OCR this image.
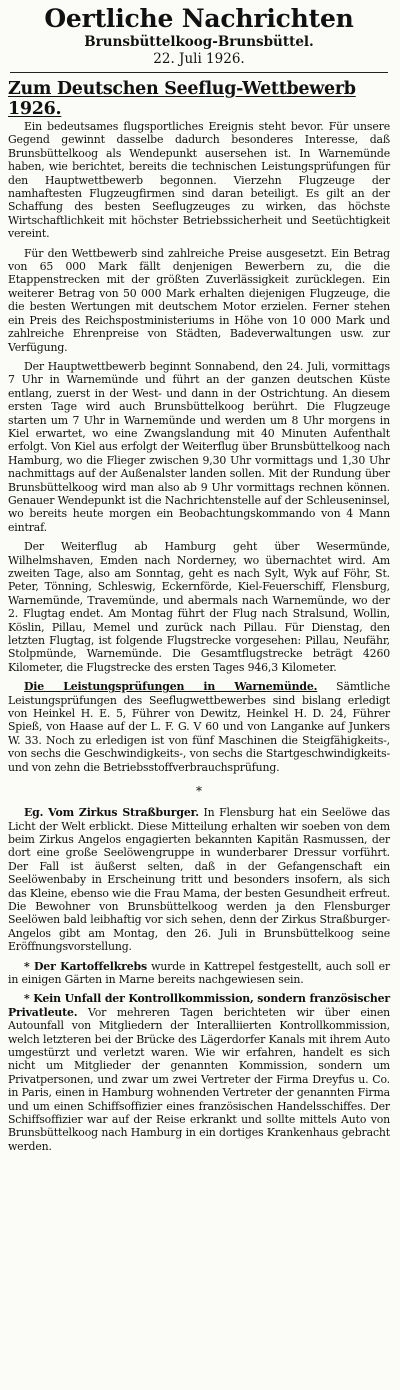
Oertliche Nachrichten
Brunsbüttelkoog-Brunsbüttel.
22. Juli 1926.
Zum Deutschen Seeflug-Wettbewerb 1926.

Ein bedeutsames flugsportliches Ereignis steht bevor. Für unsere Gegend gewinnt dasselbe dadurch besonderes Interesse, daß Brunsbüttelkoog als Wendepunkt ausersehen ist. In Warnemünde haben, wie berichtet, bereits die technischen Leistungsprüfungen für den Hauptwettbewerb begonnen. Vierzehn Flugzeuge der namhaftesten Flugzeugfirmen sind daran beteiligt. Es gilt an der Schaffung des besten Seeflugzeuges zu wirken, das höchste Wirtschaftlichkeit mit höchster Betriebssicherheit und Seetüchtigkeit vereint.

Für den Wettbewerb sind zahlreiche Preise ausgesetzt. Ein Betrag von 65 000 Mark fällt denjenigen Bewerbern zu, die die Etappenstrecken mit der größten Zuverlässigkeit zurücklegen. Ein weiterer Betrag von 50 000 Mark erhalten diejenigen Flugzeuge, die die besten Wertungen mit deutschem Motor erzielen. Ferner stehen ein Preis des Reichspostministeriums in Höhe von 10 000 Mark und zahlreiche Ehrenpreise von Städten, Badeverwaltungen usw. zur Verfügung.

Der Hauptwettbewerb beginnt Sonnabend, den 24. Juli, vormittags 7 Uhr in Warnemünde und führt an der ganzen deutschen Küste entlang, zuerst in der West- und dann in der Ostrichtung. An diesem ersten Tage wird auch Brunsbüttelkoog berührt. Die Flugzeuge starten um 7 Uhr in Warnemünde und werden um 8 Uhr morgens in Kiel erwartet, wo eine Zwangslandung mit 40 Minuten Aufenthalt erfolgt. Von Kiel aus erfolgt der Weiterflug über Brunsbüttelkoog nach Hamburg, wo die Flieger zwischen 9,30 Uhr vormittags und 1,30 Uhr nachmittags auf der Außenalster landen sollen. Mit der Rundung über Brunsbüttelkoog wird man also ab 9 Uhr vormittags rechnen können. Genauer Wendepunkt ist die Nachrichtenstelle auf der Schleuseninsel, wo bereits heute morgen ein Beobachtungskommando von 4 Mann eintraf.

Der Weiterflug ab Hamburg geht über Wesermünde, Wilhelmshaven, Emden nach Norderney, wo übernachtet wird. Am zweiten Tage, also am Sonntag, geht es nach Sylt, Wyk auf Föhr, St. Peter, Tönning, Schleswig, Eckernförde, Kiel-Feuerschiff, Flensburg, Warnemünde, Travemünde, und abermals nach Warnemünde, wo der 2. Flugtag endet. Am Montag führt der Flug nach Stralsund, Wollin, Köslin, Pillau, Memel und zurück nach Pillau. Für Dienstag, den letzten Flugtag, ist folgende Flugstrecke vorgesehen: Pillau, Neufähr, Stolpmünde, Warnemünde. Die Gesamtflugstrecke beträgt 4260 Kilometer, die Flugstrecke des ersten Tages 946,3 Kilometer.

Die Leistungsprüfungen in Warnemünde. Sämtliche Leistungsprüfungen des Seeflugwettbewerbes sind bislang erledigt von Heinkel H. E. 5, Führer von Dewitz, Heinkel H. D. 24, Führer Spieß, von Haase auf der L. F. G. V 60 und von Langanke auf Junkers W. 33. Noch zu erledigen ist von fünf Maschinen die Steigfähigkeits-, von sechs die Geschwindigkeits-, von sechs die Startgeschwindigkeits- und von zehn die Betriebsstoffverbrauchsprüfung.

*

Eg. Vom Zirkus Straßburger. In Flensburg hat ein Seelöwe das Licht der Welt erblickt. Diese Mitteilung erhalten wir soeben von dem beim Zirkus Angelos engagierten bekannten Kapitän Rasmussen, der dort eine große Seelöwengruppe in wunderbarer Dressur vorführt. Der Fall ist äußerst selten, daß in der Gefangenschaft ein Seelöwenbaby in Erscheinung tritt und besonders insofern, als sich das Kleine, ebenso wie die Frau Mama, der besten Gesundheit erfreut. Die Bewohner von Brunsbüttelkoog werden ja den Flensburger Seelöwen bald leibhaftig vor sich sehen, denn der Zirkus Straßburger-Angelos gibt am Montag, den 26. Juli in Brunsbüttelkoog seine Eröffnungsvorstellung.

* Der Kartoffelkrebs wurde in Kattrepel festgestellt, auch soll er in einigen Gärten in Marne bereits nachgewiesen sein.

* Kein Unfall der Kontrollkommission, sondern französischer Privatleute. Vor mehreren Tagen berichteten wir über einen Autounfall von Mitgliedern der Interalliierten Kontrollkommission, welch letzteren bei der Brücke des Lägerdorfer Kanals mit ihrem Auto umgestürzt und verletzt waren. Wie wir erfahren, handelt es sich nicht um Mitglieder der genannten Kommission, sondern um Privatpersonen, und zwar um zwei Vertreter der Firma Dreyfus u. Co. in Paris, einen in Hamburg wohnenden Vertreter der genannten Firma und um einen Schiffsoffizier eines französischen Handelsschiffes. Der Schiffsoffizier war auf der Reise erkrankt und sollte mittels Auto von Brunsbüttelkoog nach Hamburg in ein dortiges Krankenhaus gebracht werden.
